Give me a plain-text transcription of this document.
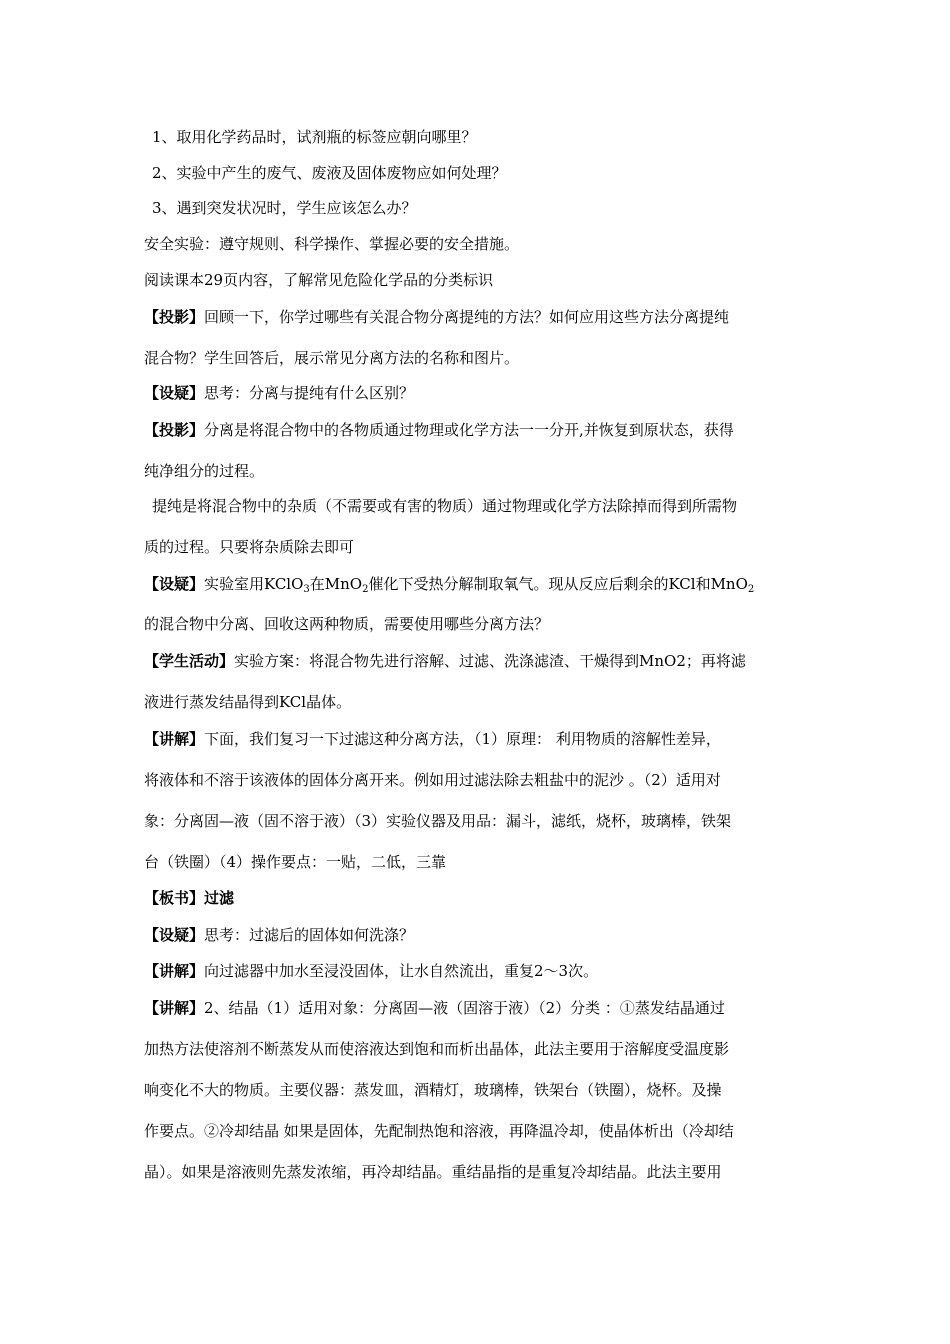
1、取用化学药品时，试剂瓶的标签应朝向哪里？
2、实验中产生的废气、废液及固体废物应如何处理？
3、遇到突发状况时，学生应该怎么办？
安全实验：遵守规则、科学操作、掌握必要的安全措施。
阅读课本29页内容，了解常见危险化学品的分类标识
【投影】回顾一下，你学过哪些有关混合物分离提纯的方法？如何应用这些方法分离提纯
混合物？学生回答后，展示常见分离方法的名称和图片。
【设疑】思考：分离与提纯有什么区别？
【投影】分离是将混合物中的各物质通过物理或化学方法一一分开,并恢复到原状态，获得
纯净组分的过程。
提纯是将混合物中的杂质（不需要或有害的物质）通过物理或化学方法除掉而得到所需物
质的过程。只要将杂质除去即可
【设疑】实验室用KClO$_3$在MnO$_2$催化下受热分解制取氧气。现从反应后剩余的KCl和MnO$_2$
的混合物中分离、回收这两种物质，需要使用哪些分离方法？
【学生活动】实验方案：将混合物先进行溶解、过滤、洗涤滤渣、干燥得到MnO2；再将滤
液进行蒸发结晶得到KCl晶体。
【讲解】下面，我们复习一下过滤这种分离方法，（1）原理： 利用物质的溶解性差异，
将液体和不溶于该液体的固体分离开来。例如用过滤法除去粗盐中的泥沙 。（2）适用对
象：分离固—液（固不溶于液）（3）实验仪器及用品：漏斗，滤纸，烧杯，玻璃棒，铁架
台（铁圈）（4）操作要点：一贴，二低，三靠
【板书】过滤
【设疑】思考：过滤后的固体如何洗涤？
【讲解】向过滤器中加水至浸没固体，让水自然流出，重复2～3次。
【讲解】2、结晶（1）适用对象：分离固—液（固溶于液）（2）分类 ：①蒸发结晶通过
加热方法使溶剂不断蒸发从而使溶液达到饱和而析出晶体，此法主要用于溶解度受温度影
响变化不大的物质。主要仪器：蒸发皿，酒精灯，玻璃棒，铁架台（铁圈），烧杯。及操
作要点。②冷却结晶 如果是固体，先配制热饱和溶液，再降温冷却，使晶体析出（冷却结
晶）。如果是溶液则先蒸发浓缩，再冷却结晶。重结晶指的是重复冷却结晶。此法主要用
